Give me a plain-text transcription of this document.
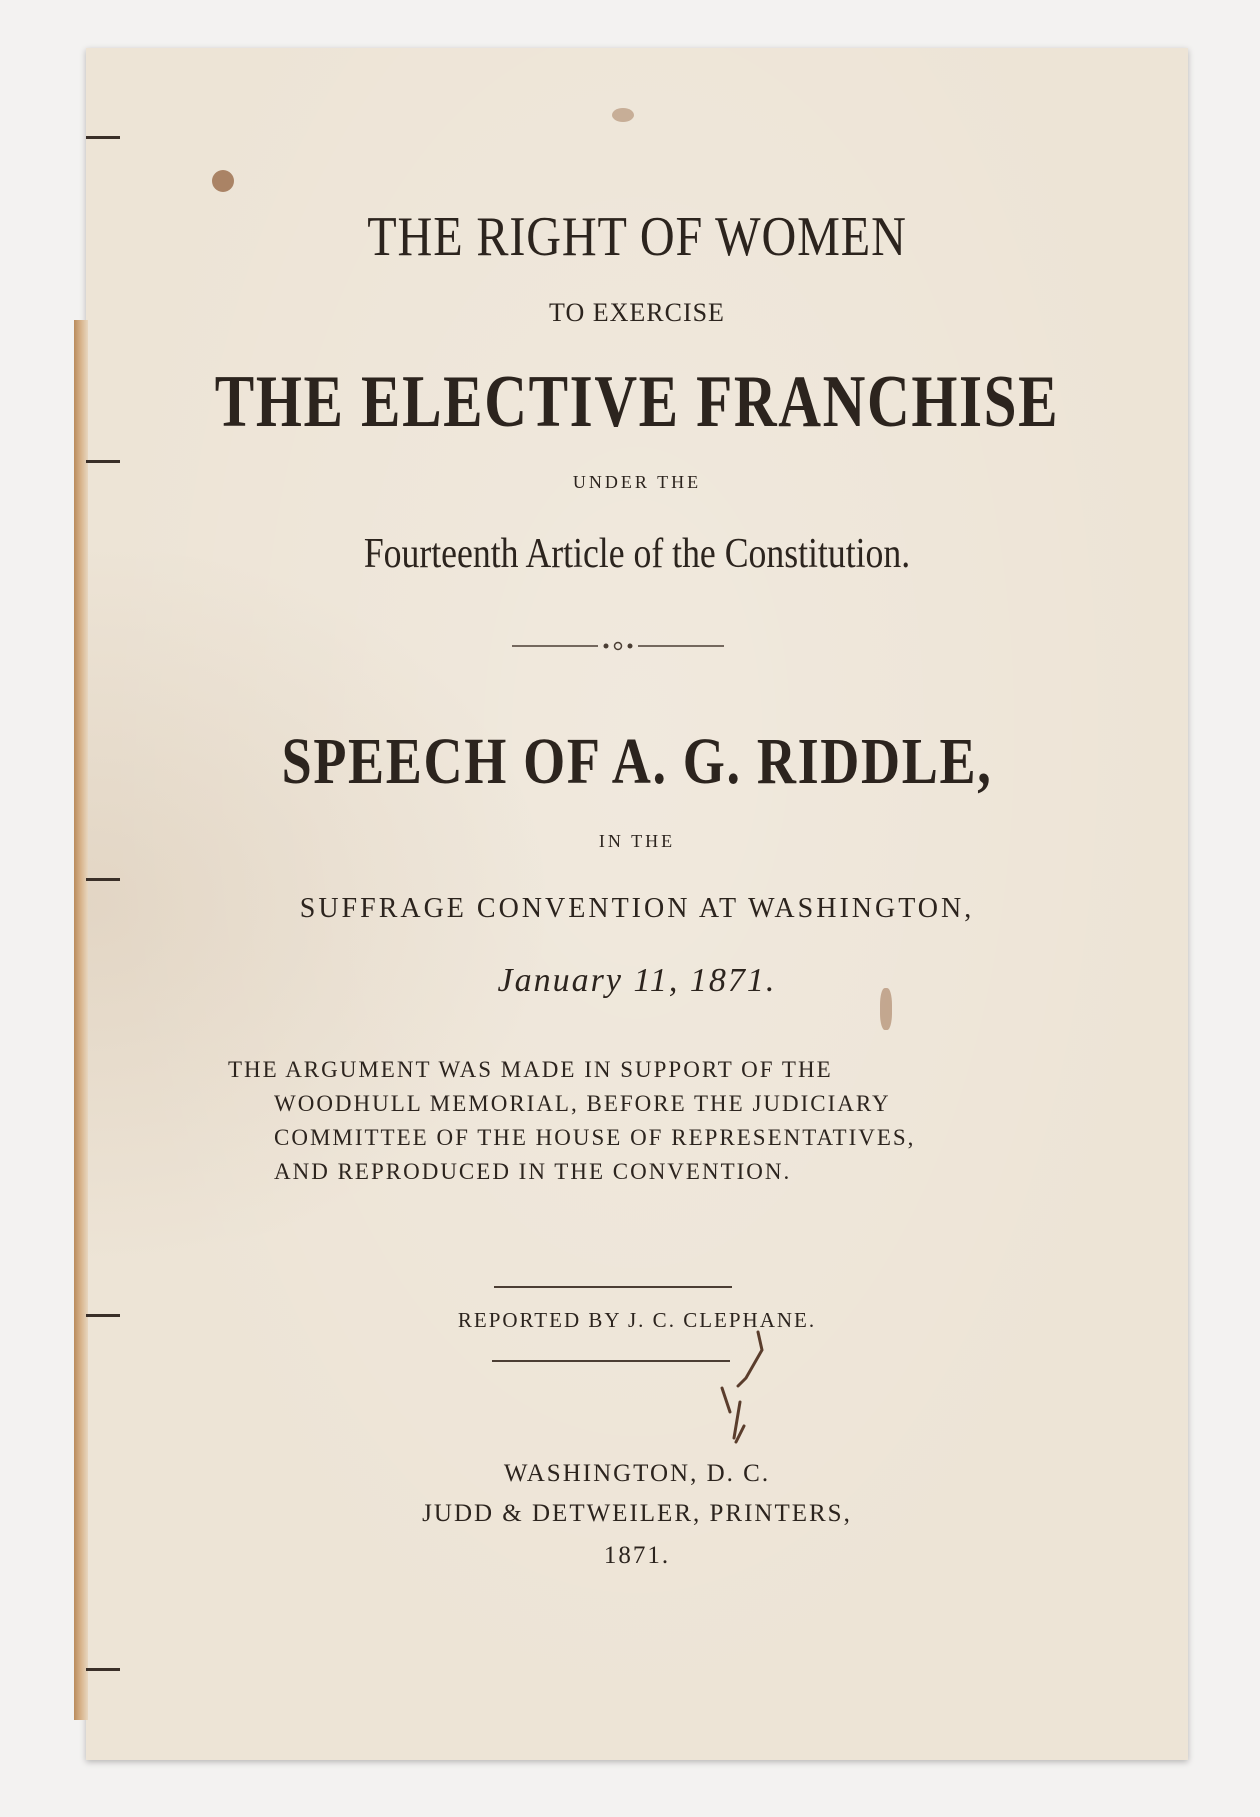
THE RIGHT OF WOMEN
TO EXERCISE
THE ELECTIVE FRANCHISE
UNDER THE
Fourteenth Article of the Constitution.
SPEECH OF A. G. RIDDLE,
IN THE
SUFFRAGE CONVENTION AT WASHINGTON,
January 11, 1871.
THE ARGUMENT WAS MADE IN SUPPORT OF THE
WOODHULL MEMORIAL, BEFORE THE JUDICIARY
COMMITTEE OF THE HOUSE OF REPRESENTATIVES,
AND REPRODUCED IN THE CONVENTION.
REPORTED BY J. C. CLEPHANE.
WASHINGTON, D. C.
JUDD & DETWEILER, PRINTERS,
1871.
